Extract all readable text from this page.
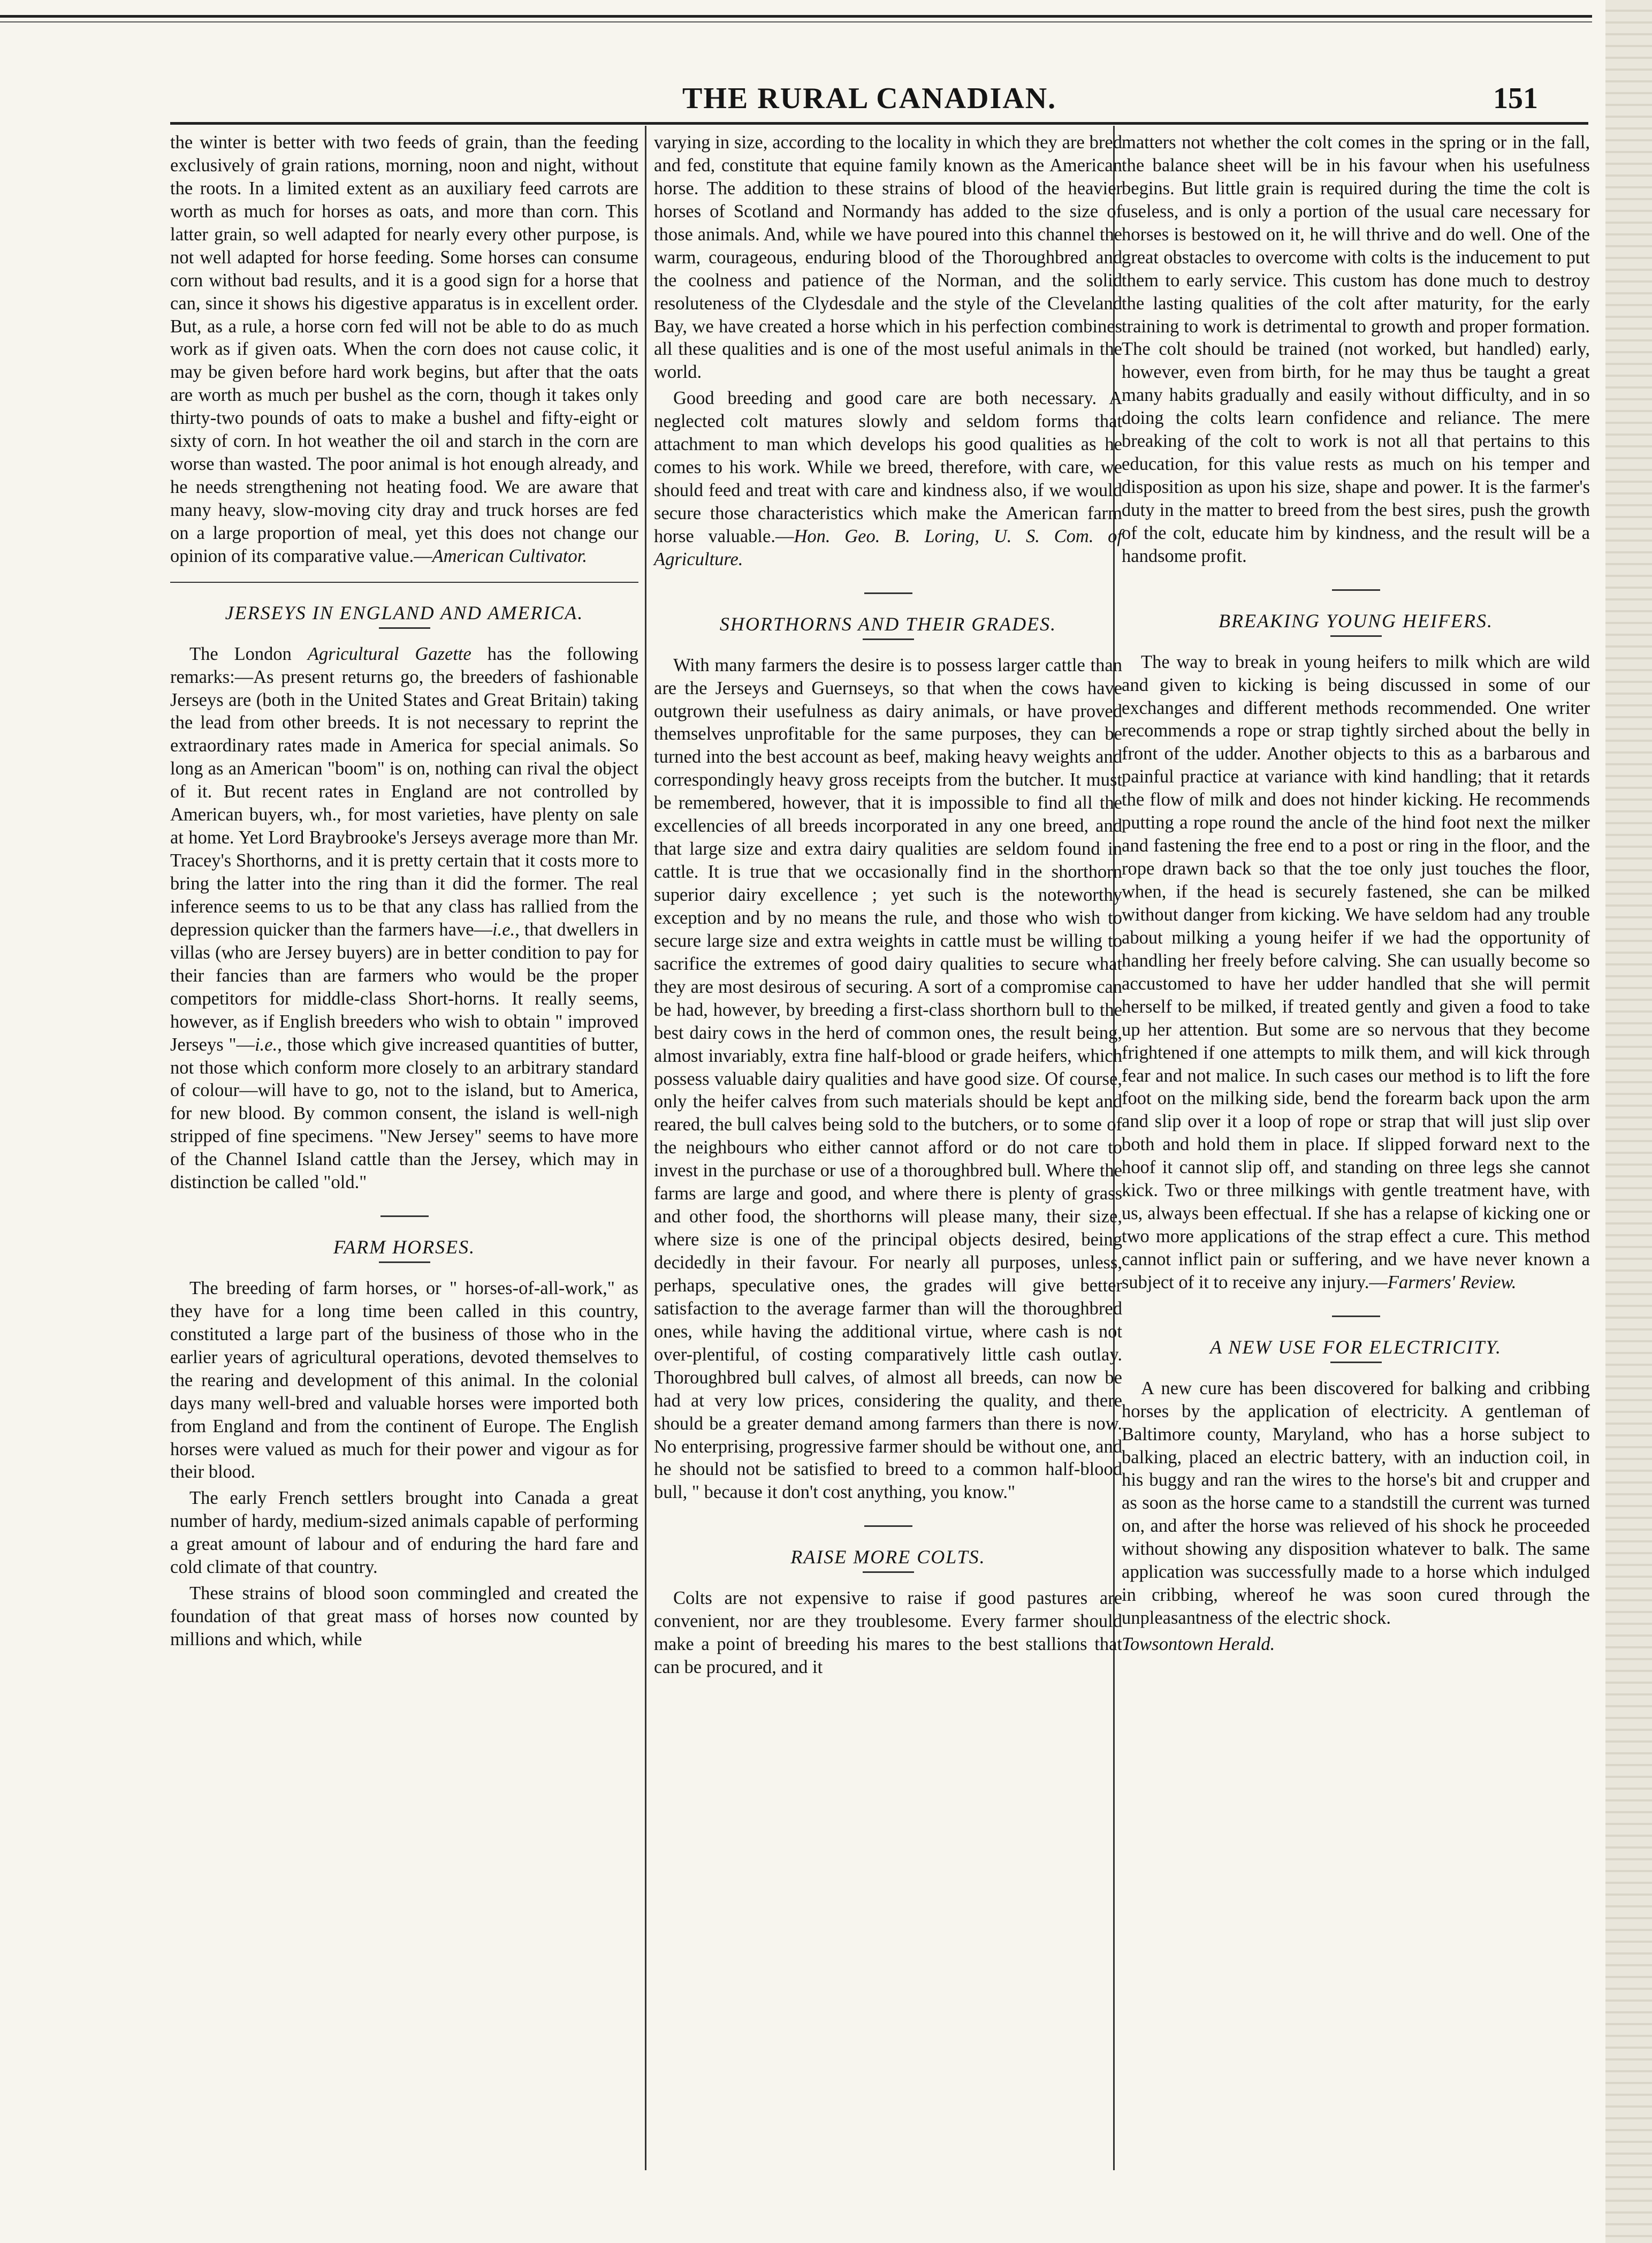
THE RURAL CANADIAN.	151

the winter is better with two feeds of grain, than the feeding exclusively of grain rations, morning, noon and night, without the roots. In a limited extent as an auxiliary feed carrots are worth as much for horses as oats, and more than corn. This latter grain, so well adapted for nearly every other purpose, is not well adapted for horse feeding. Some horses can consume corn without bad results, and it is a good sign for a horse that can, since it shows his digestive apparatus is in excellent order. But, as a rule, a horse corn fed will not be able to do as much work as if given oats. When the corn does not cause colic, it may be given before hard work begins, but after that the oats are worth as much per bushel as the corn, though it takes only thirty-two pounds of oats to make a bushel and fifty-eight or sixty of corn. In hot weather the oil and starch in the corn are worse than wasted. The poor animal is hot enough already, and he needs strengthening not heating food. We are aware that many heavy, slow-moving city dray and truck horses are fed on a large proportion of meal, yet this does not change our opinion of its comparative value.—American Cultivator.

JERSEYS IN ENGLAND AND AMERICA.

The London Agricultural Gazette has the following remarks:—As present returns go, the breeders of fashionable Jerseys are (both in the United States and Great Britain) taking the lead from other breeds. It is not necessary to reprint the extraordinary rates made in America for special animals. So long as an American "boom" is on, nothing can rival the object of it. But recent rates in England are not controlled by American buyers, wh., for most varieties, have plenty on sale at home. Yet Lord Braybrooke's Jerseys average more than Mr. Tracey's Shorthorns, and it is pretty certain that it costs more to bring the latter into the ring than it did the former. The real inference seems to us to be that any class has rallied from the depression quicker than the farmers have—i.e., that dwellers in villas (who are Jersey buyers) are in better condition to pay for their fancies than are farmers who would be the proper competitors for middle-class Short-horns. It really seems, however, as if English breeders who wish to obtain " improved Jerseys "—i.e., those which give increased quantities of butter, not those which conform more closely to an arbitrary standard of colour—will have to go, not to the island, but to America, for new blood. By common consent, the island is well-nigh stripped of fine specimens. "New Jersey" seems to have more of the Channel Island cattle than the Jersey, which may in distinction be called "old."

FARM HORSES.

The breeding of farm horses, or " horses-of-all-work," as they have for a long time been called in this country, constituted a large part of the business of those who in the earlier years of agricultural operations, devoted themselves to the rearing and development of this animal. In the colonial days many well-bred and valuable horses were imported both from England and from the continent of Europe. The English horses were valued as much for their power and vigour as for their blood.

The early French settlers brought into Canada a great number of hardy, medium-sized animals capable of performing a great amount of labour and of enduring the hard fare and cold climate of that country.

These strains of blood soon commingled and created the foundation of that great mass of horses now counted by millions and which, while

varying in size, according to the locality in which they are bred and fed, constitute that equine family known as the American horse. The addition to these strains of blood of the heavier horses of Scotland and Normandy has added to the size of those animals. And, while we have poured into this channel the warm, courageous, enduring blood of the Thoroughbred and the coolness and patience of the Norman, and the solid resoluteness of the Clydesdale and the style of the Cleveland Bay, we have created a horse which in his perfection combines all these qualities and is one of the most useful animals in the world.

Good breeding and good care are both necessary. A neglected colt matures slowly and seldom forms that attachment to man which develops his good qualities as he comes to his work. While we breed, therefore, with care, we should feed and treat with care and kindness also, if we would secure those characteristics which make the American farm horse valuable.—Hon. Geo. B. Loring, U. S. Com. of Agriculture.

SHORTHORNS AND THEIR GRADES.

With many farmers the desire is to possess larger cattle than are the Jerseys and Guernseys, so that when the cows have outgrown their usefulness as dairy animals, or have proved themselves unprofitable for the same purposes, they can be turned into the best account as beef, making heavy weights and correspondingly heavy gross receipts from the butcher. It must be remembered, however, that it is impossible to find all the excellencies of all breeds incorporated in any one breed, and that large size and extra dairy qualities are seldom found in cattle. It is true that we occasionally find in the shorthorn superior dairy excellence ; yet such is the noteworthy exception and by no means the rule, and those who wish to secure large size and extra weights in cattle must be willing to sacrifice the extremes of good dairy qualities to secure what they are most desirous of securing. A sort of a compromise can be had, however, by breeding a first-class shorthorn bull to the best dairy cows in the herd of common ones, the result being, almost invariably, extra fine half-blood or grade heifers, which possess valuable dairy qualities and have good size. Of course, only the heifer calves from such materials should be kept and reared, the bull calves being sold to the butchers, or to some of the neighbours who either cannot afford or do not care to invest in the purchase or use of a thoroughbred bull. Where the farms are large and good, and where there is plenty of grass and other food, the shorthorns will please many, their size, where size is one of the principal objects desired, being decidedly in their favour. For nearly all purposes, unless, perhaps, speculative ones, the grades will give better satisfaction to the average farmer than will the thoroughbred ones, while having the additional virtue, where cash is not over-plentiful, of costing comparatively little cash outlay. Thoroughbred bull calves, of almost all breeds, can now be had at very low prices, considering the quality, and there should be a greater demand among farmers than there is now. No enterprising, progressive farmer should be without one, and he should not be satisfied to breed to a common half-blood bull, " because it don't cost anything, you know."

RAISE MORE COLTS.

Colts are not expensive to raise if good pastures are convenient, nor are they troublesome. Every farmer should make a point of breeding his mares to the best stallions that can be procured, and it

matters not whether the colt comes in the spring or in the fall, the balance sheet will be in his favour when his usefulness begins. But little grain is required during the time the colt is useless, and is only a portion of the usual care necessary for horses is bestowed on it, he will thrive and do well. One of the great obstacles to overcome with colts is the inducement to put them to early service. This custom has done much to destroy the lasting qualities of the colt after maturity, for the early training to work is detrimental to growth and proper formation. The colt should be trained (not worked, but handled) early, however, even from birth, for he may thus be taught a great many habits gradually and easily without difficulty, and in so doing the colts learn confidence and reliance. The mere breaking of the colt to work is not all that pertains to this education, for this value rests as much on his temper and disposition as upon his size, shape and power. It is the farmer's duty in the matter to breed from the best sires, push the growth of the colt, educate him by kindness, and the result will be a handsome profit.

BREAKING YOUNG HEIFERS.

The way to break in young heifers to milk which are wild and given to kicking is being discussed in some of our exchanges and different methods recommended. One writer recommends a rope or strap tightly sirched about the belly in front of the udder. Another objects to this as a barbarous and painful practice at variance with kind handling; that it retards the flow of milk and does not hinder kicking. He recommends putting a rope round the ancle of the hind foot next the milker and fastening the free end to a post or ring in the floor, and the rope drawn back so that the toe only just touches the floor, when, if the head is securely fastened, she can be milked without danger from kicking. We have seldom had any trouble about milking a young heifer if we had the opportunity of handling her freely before calving. She can usually become so accustomed to have her udder handled that she will permit herself to be milked, if treated gently and given a food to take up her attention. But some are so nervous that they become frightened if one attempts to milk them, and will kick through fear and not malice. In such cases our method is to lift the fore foot on the milking side, bend the forearm back upon the arm and slip over it a loop of rope or strap that will just slip over both and hold them in place. If slipped forward next to the hoof it cannot slip off, and standing on three legs she cannot kick. Two or three milkings with gentle treatment have, with us, always been effectual. If she has a relapse of kicking one or two more applications of the strap effect a cure. This method cannot inflict pain or suffering, and we have never known a subject of it to receive any injury.—Farmers' Review.

A NEW USE FOR ELECTRICITY.

A new cure has been discovered for balking and cribbing horses by the application of electricity. A gentleman of Baltimore county, Maryland, who has a horse subject to balking, placed an electric battery, with an induction coil, in his buggy and ran the wires to the horse's bit and crupper and as soon as the horse came to a standstill the current was turned on, and after the horse was relieved of his shock he proceeded without showing any disposition whatever to balk. The same application was successfully made to a horse which indulged in cribbing, whereof he was soon cured through the unpleasantness of the electric shock.

Towsontown Herald.
